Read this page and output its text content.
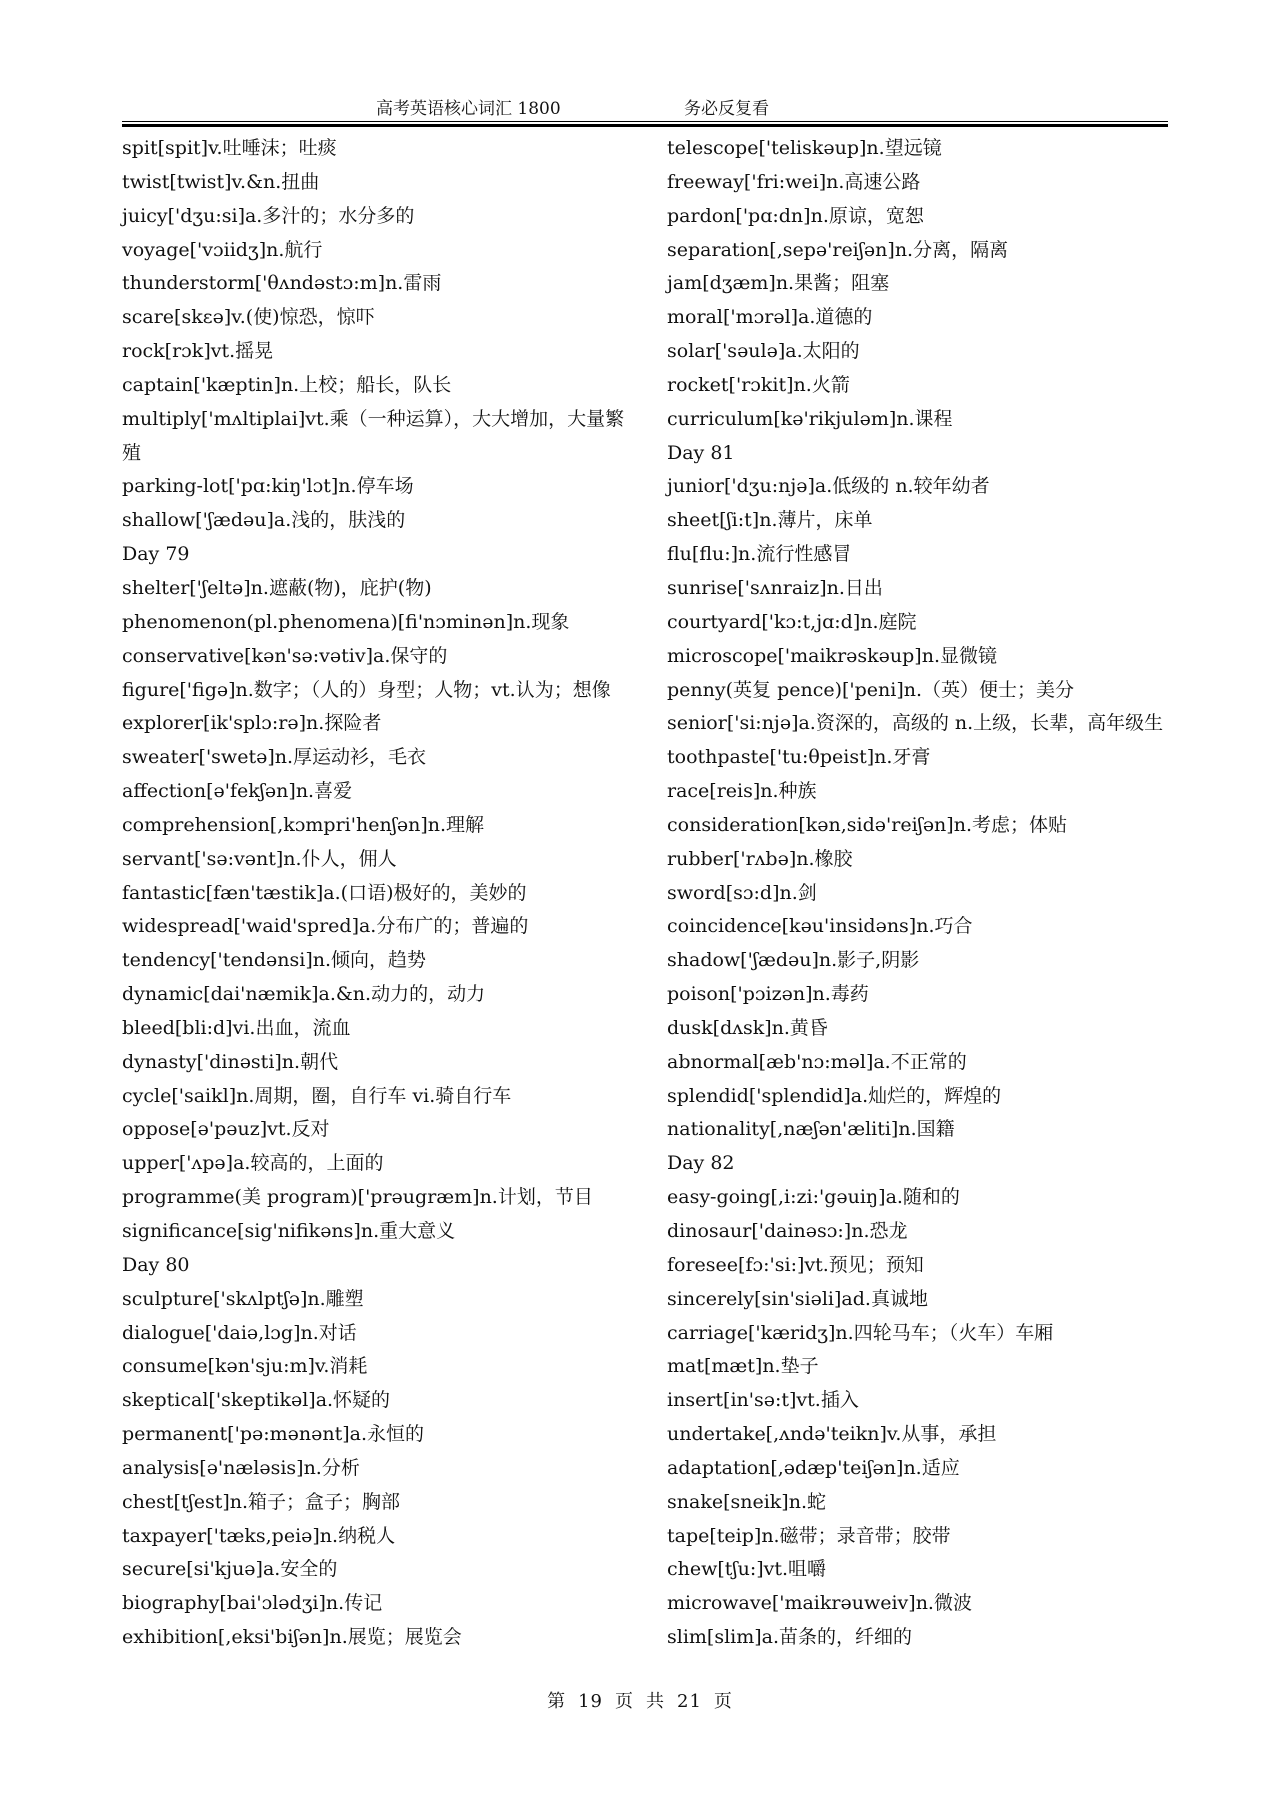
高考英语核心词汇 1800	务必反复看

spit[spit]v.吐唾沫；吐痰

twist[twist]v.&n.扭曲

juicy['dʒu:si]a.多汁的；水分多的

voyage['vɔiidʒ]n.航行

thunderstorm['θʌndəstɔ:m]n.雷雨

scare[skɛə]v.(使)惊恐，惊吓

rock[rɔk]vt.摇晃

captain['kæptin]n.上校；船长，队长

multiply['mʌltiplai]vt.乘（一种运算），大大增加，大量繁殖

parking-lot['pɑ:kiŋ'lɔt]n.停车场

shallow['ʃædəu]a.浅的，肤浅的

Day 79

shelter['ʃeltə]n.遮蔽(物)，庇护(物)

phenomenon(pl.phenomena)[fi'nɔminən]n.现象

conservative[kən'sə:vətiv]a.保守的

figure['figə]n.数字；（人的）身型；人物；vt.认为；想像

explorer[ik'splɔ:rə]n.探险者

sweater['swetə]n.厚运动衫，毛衣

affection[ə'fekʃən]n.喜爱

comprehension[,kɔmpri'henʃən]n.理解

servant['sə:vənt]n.仆人，佣人

fantastic[fæn'tæstik]a.(口语)极好的，美妙的

widespread['waid'spred]a.分布广的；普遍的

tendency['tendənsi]n.倾向，趋势

dynamic[dai'næmik]a.&n.动力的，动力

bleed[bli:d]vi.出血，流血

dynasty['dinəsti]n.朝代

cycle['saikl]n.周期，圈，自行车 vi.骑自行车

oppose[ə'pəuz]vt.反对

upper['ʌpə]a.较高的，上面的

programme(美 program)['prəugræm]n.计划，节目

significance[sig'nifikəns]n.重大意义

Day 80

sculpture['skʌlptʃə]n.雕塑

dialogue['daiə,lɔg]n.对话

consume[kən'sju:m]v.消耗

skeptical['skeptikəl]a.怀疑的

permanent['pə:mənənt]a.永恒的

analysis[ə'næləsis]n.分析

chest[tʃest]n.箱子；盒子；胸部

taxpayer['tæks,peiə]n.纳税人

secure[si'kjuə]a.安全的

biography[bai'ɔlədʒi]n.传记

exhibition[,eksi'biʃən]n.展览；展览会

telescope['teliskəup]n.望远镜

freeway['fri:wei]n.高速公路

pardon['pɑ:dn]n.原谅，宽恕

separation[,sepə'reiʃən]n.分离，隔离

jam[dʒæm]n.果酱；阻塞

moral['mɔrəl]a.道德的

solar['səulə]a.太阳的

rocket['rɔkit]n.火箭

curriculum[kə'rikjuləm]n.课程

Day 81

junior['dʒu:njə]a.低级的 n.较年幼者

sheet[ʃi:t]n.薄片，床单

flu[flu:]n.流行性感冒

sunrise['sʌnraiz]n.日出

courtyard['kɔ:t,jɑ:d]n.庭院

microscope['maikrəskəup]n.显微镜

penny(英复 pence)['peni]n.（英）便士；美分

senior['si:njə]a.资深的，高级的 n.上级，长辈，高年级生

toothpaste['tu:θpeist]n.牙膏

race[reis]n.种族

consideration[kən,sidə'reiʃən]n.考虑；体贴

rubber['rʌbə]n.橡胶

sword[sɔ:d]n.剑

coincidence[kəu'insidəns]n.巧合

shadow['ʃædəu]n.影子,阴影

poison['pɔizən]n.毒药

dusk[dʌsk]n.黄昏

abnormal[æb'nɔ:məl]a.不正常的

splendid['splendid]a.灿烂的，辉煌的

nationality[,næʃən'æliti]n.国籍

Day 82

easy-going[,i:zi:'gəuiŋ]a.随和的

dinosaur['dainəsɔ:]n.恐龙

foresee[fɔ:'si:]vt.预见；预知

sincerely[sin'siəli]ad.真诚地

carriage['kæridʒ]n.四轮马车；（火车）车厢

mat[mæt]n.垫子

insert[in'sə:t]vt.插入

undertake[,ʌndə'teikn]v.从事，承担

adaptation[,ədæp'teiʃən]n.适应

snake[sneik]n.蛇

tape[teip]n.磁带；录音带；胶带

chew[tʃu:]vt.咀嚼

microwave['maikrəuweiv]n.微波

slim[slim]a.苗条的，纤细的

第 19 页 共 21 页
